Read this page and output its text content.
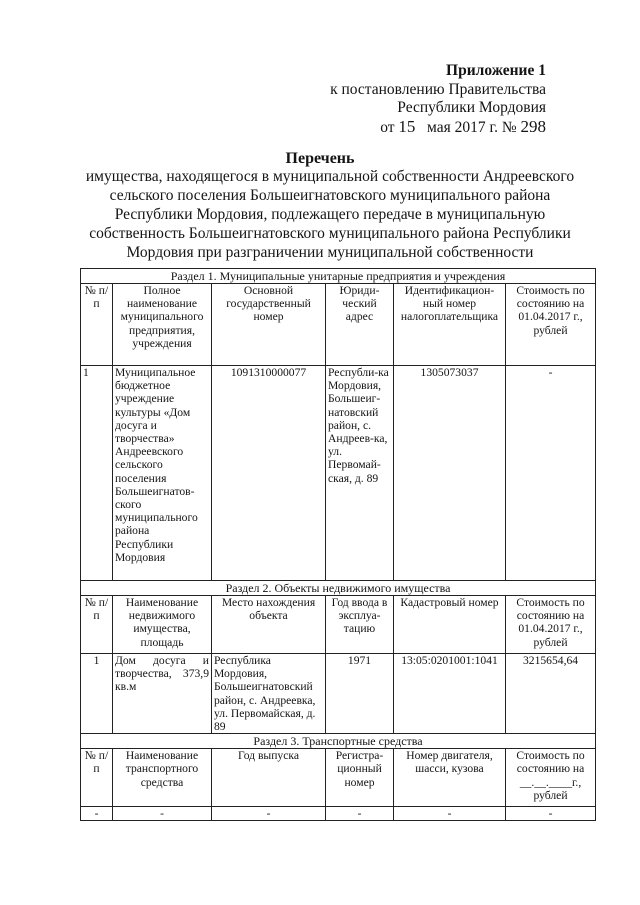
Приложение 1
к постановлению Правительства
Республики Мордовия
от 15 мая 2017 г. № 298
Перечень
имущества, находящегося в муниципальной собственности Андреевского сельского поселения Большеигнатовского муниципального района Республики Мордовия, подлежащего передаче в муниципальную собственность Большеигнатовского муниципального района Республики Мордовия при разграничении муниципальной собственности
Раздел 1. Муниципальные унитарные предприятия и учреждения					
№ п/п	Полное наименование муниципального предприятия, учреждения	Основной государственный номер	Юриди-ческий адрес	Идентификацион-ный номер налогоплательщика	Стоимость по состоянию на 01.04.2017 г., рублей
1	Муниципальное бюджетное учреждение культуры «Дом досуга и творчества» Андреевского сельского поселения Большеигнатов-ского муниципального района Республики Мордовия	1091310000077	Республи-ка Мордовия, Большеиг-натовский район, с. Андреев-ка, ул. Первомай-ская, д. 89	1305073037	-
Раздел 2. Объекты недвижимого имущества					
№ п/п	Наименование недвижимого имущества, площадь	Место нахождения объекта	Год ввода в эксплуа-тацию	Кадастровый номер	Стоимость по состоянию на 01.04.2017 г., рублей
1	Дом досуга и творчества, 373,9 кв.м	Республика Мордовия, Большеигнатовский район, с. Андреевка, ул. Первомайская, д. 89	1971	13:05:0201001:1041	3215654,64
Раздел 3. Транспортные средства					
№ п/п	Наименование транспортного средства	Год выпуска	Регистра-ционный номер	Номер двигателя, шасси, кузова	Стоимость по состоянию на __.__.____г., рублей
-	-	-	-	-	-
